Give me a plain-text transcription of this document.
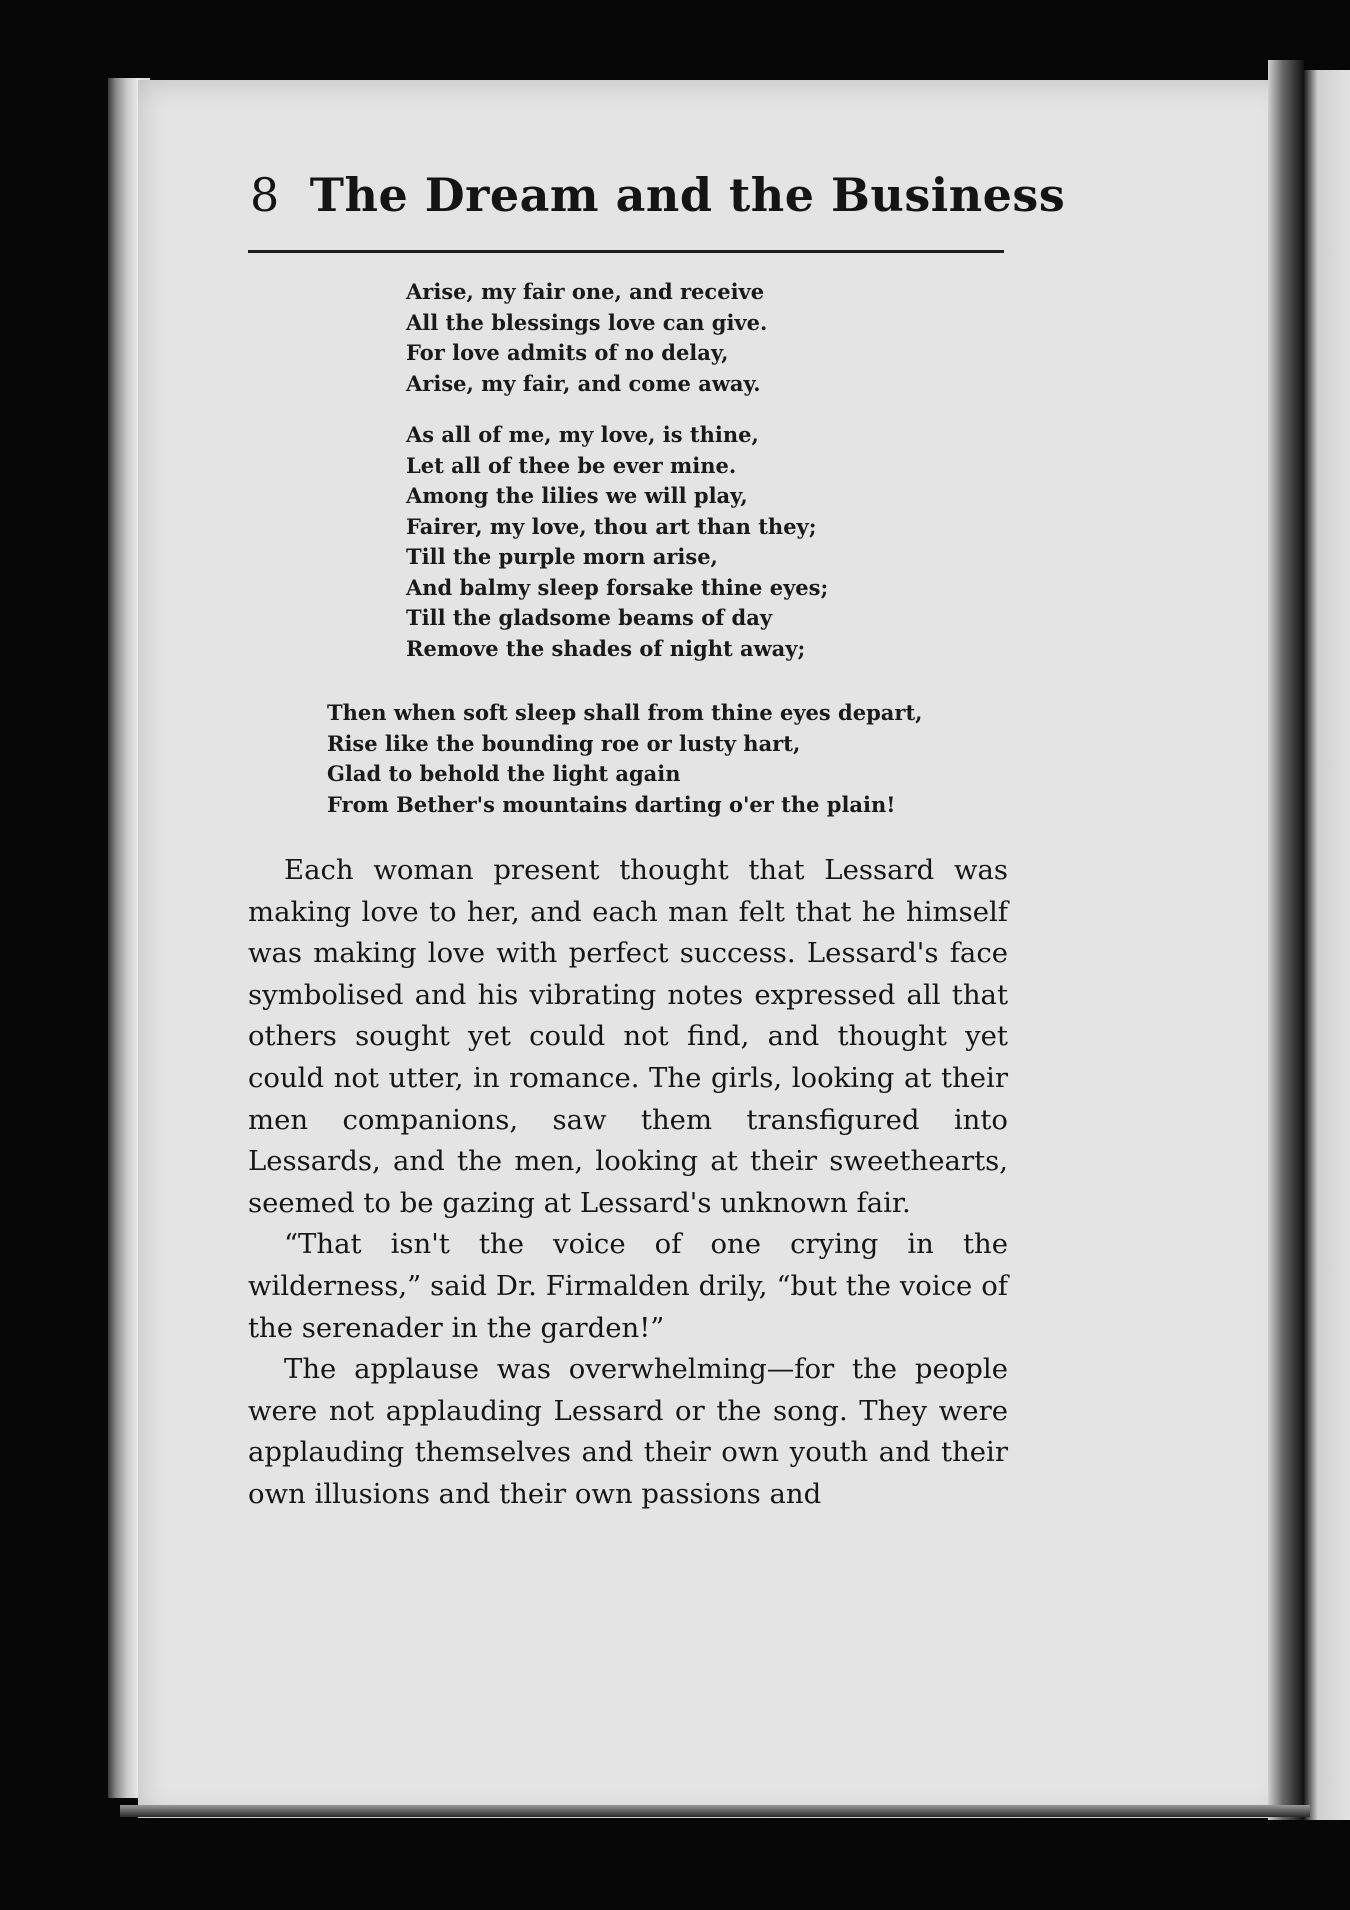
8 The Dream and the Business
Arise, my fair one, and receive
All the blessings love can give.
For love admits of no delay,
Arise, my fair, and come away.
As all of me, my love, is thine,
Let all of thee be ever mine.
Among the lilies we will play,
Fairer, my love, thou art than they;
Till the purple morn arise,
And balmy sleep forsake thine eyes;
Till the gladsome beams of day
Remove the shades of night away;
Then when soft sleep shall from thine eyes depart,
Rise like the bounding roe or lusty hart,
Glad to behold the light again
From Bether's mountains darting o'er the plain!

Each woman present thought that Lessard was making love to her, and each man felt that he himself was making love with perfect success. Lessard's face symbolised and his vibrating notes expressed all that others sought yet could not find, and thought yet could not utter, in romance. The girls, looking at their men companions, saw them transfigured into Lessards, and the men, looking at their sweethearts, seemed to be gazing at Lessard's unknown fair.

“That isn't the voice of one crying in the wilderness,” said Dr. Firmalden drily, “but the voice of the serenader in the garden!”

The applause was overwhelming—for the people were not applauding Lessard or the song. They were applauding themselves and their own youth and their own illusions and their own passions and
